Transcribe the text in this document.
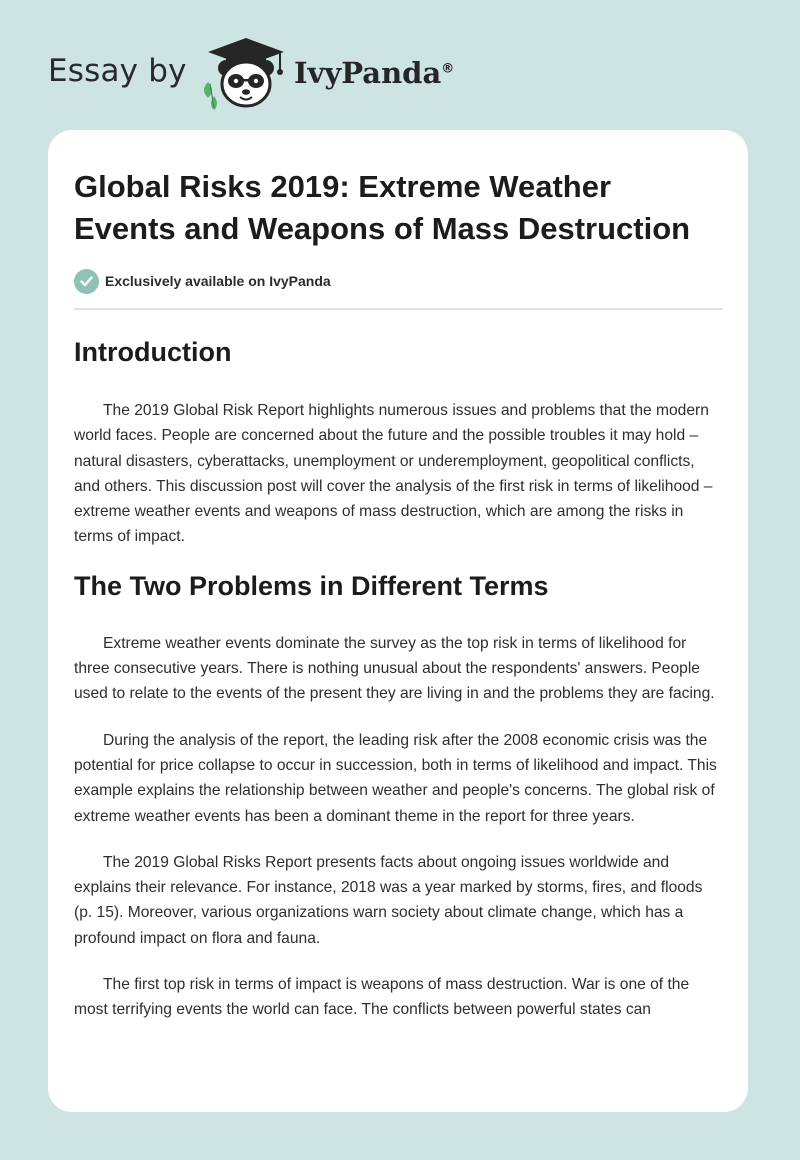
Essay by	IvyPanda®
Global Risks 2019: Extreme Weather Events and Weapons of Mass Destruction
Exclusively available on IvyPanda
Introduction

The 2019 Global Risk Report highlights numerous issues and problems that the modern world faces. People are concerned about the future and the possible troubles it may hold – natural disasters, cyberattacks, unemployment or underemployment, geopolitical conflicts, and others. This discussion post will cover the analysis of the first risk in terms of likelihood – extreme weather events and weapons of mass destruction, which are among the risks in terms of impact.

The Two Problems in Different Terms

Extreme weather events dominate the survey as the top risk in terms of likelihood for three consecutive years. There is nothing unusual about the respondents' answers. People used to relate to the events of the present they are living in and the problems they are facing.

During the analysis of the report, the leading risk after the 2008 economic crisis was the potential for price collapse to occur in succession, both in terms of likelihood and impact. This example explains the relationship between weather and people's concerns. The global risk of extreme weather events has been a dominant theme in the report for three years.

The 2019 Global Risks Report presents facts about ongoing issues worldwide and explains their relevance. For instance, 2018 was a year marked by storms, fires, and floods (p. 15). Moreover, various organizations warn society about climate change, which has a profound impact on flora and fauna.

The first top risk in terms of impact is weapons of mass destruction. War is one of the most terrifying events the world can face. The conflicts between powerful states can
